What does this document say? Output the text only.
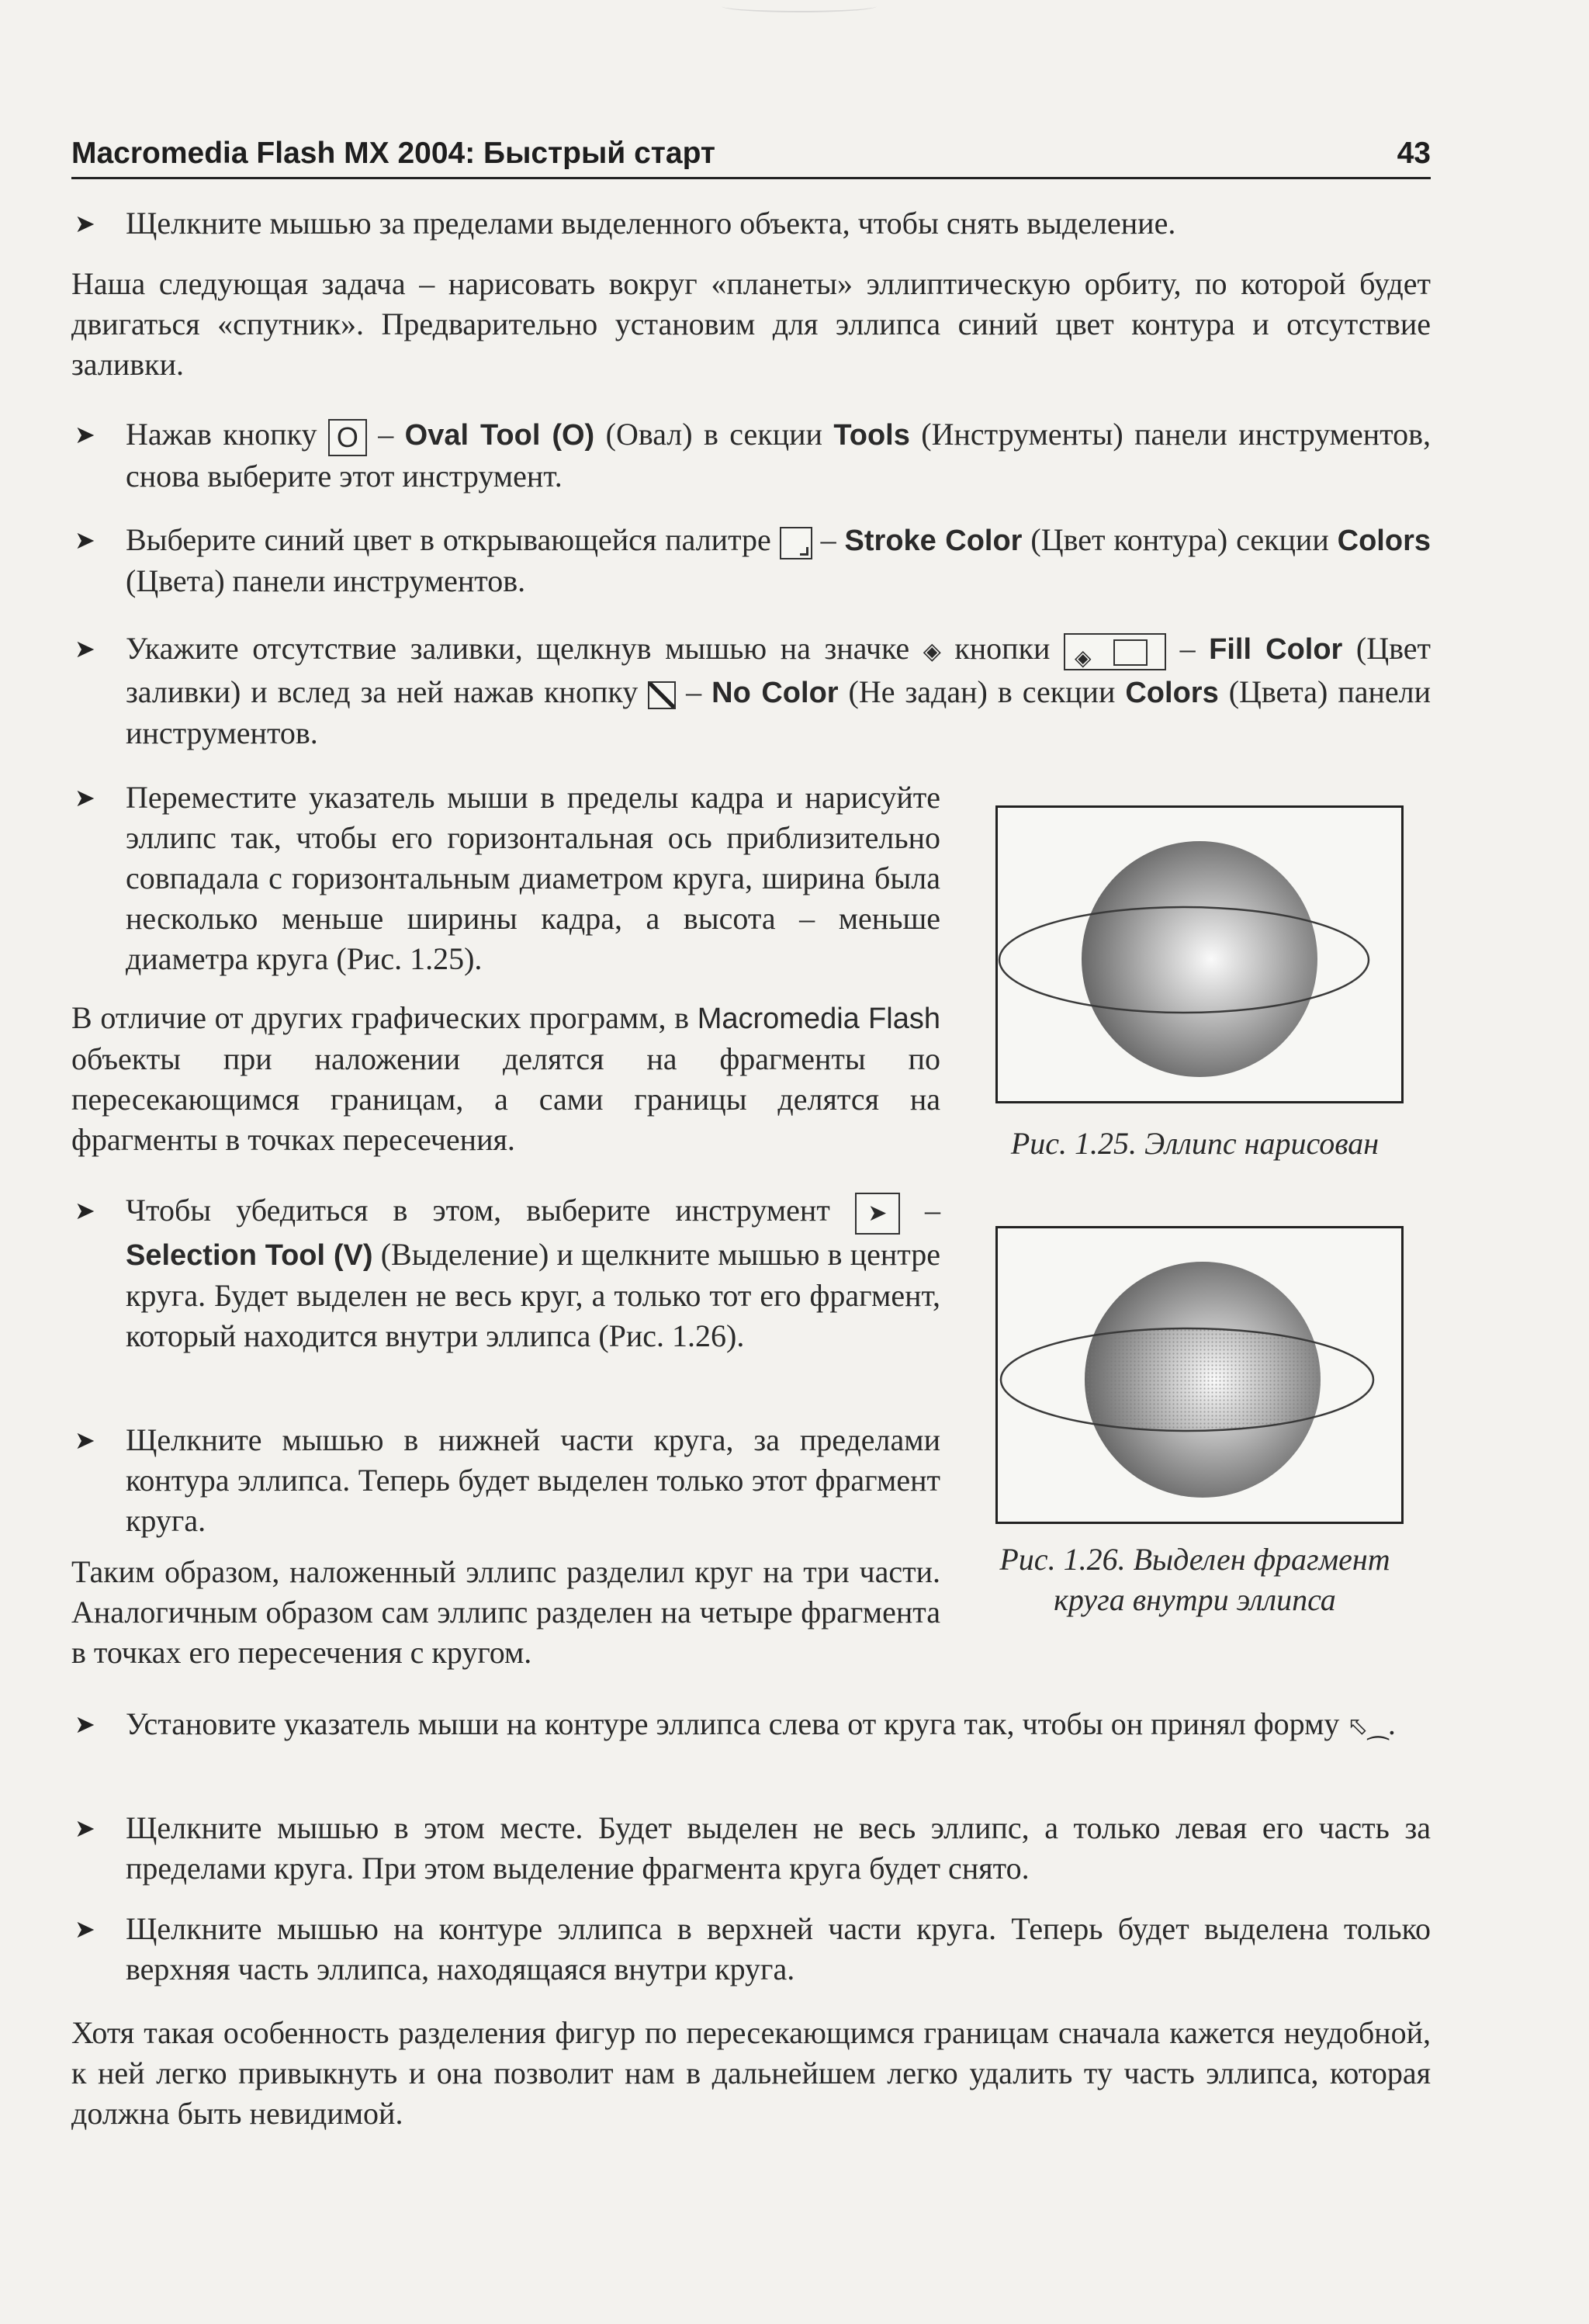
Macromedia Flash MX 2004: Быстрый старт	43
➤ Щелкните мышью за пределами выделенного объекта, чтобы снять выделение.

Наша следующая задача – нарисовать вокруг «планеты» эллиптическую орбиту, по которой будет двигаться «спутник». Предварительно установим для эллипса синий цвет контура и отсутствие заливки.

➤ Нажав кнопку O – Oval Tool (O) (Овал) в секции Tools (Инструменты) панели инструментов, снова выберите этот инструмент.
➤ Выберите синий цвет в открывающейся палитре
– Stroke Color (Цвет контура) секции Colors (Цвета) панели инструментов.
➤ Укажите отсутствие заливки, щелкнув мышью на значке ◈ кнопки ◈ – Fill Color (Цвет заливки) и вслед за ней нажав кнопку  – No Color (Не задан) в секции Colors (Цвета) панели инструментов.
➤ Переместите указатель мыши в пределы кадра и нарисуйте эллипс так, чтобы его горизонтальная ось приблизительно совпадала с горизонтальным диаметром круга, ширина была несколько меньше ширины кадра, а высота – меньше диаметра круга (Рис. 1.25).

В отличие от других графических программ, в Macromedia Flash объекты при наложении делятся на фрагменты по пересекающимся границам, а сами границы делятся на фрагменты в точках пересечения.	Рис. 1.25. Эллипс нарисован
➤ Чтобы убедиться в этом, выберите инструмент ➤ – Selection Tool (V) (Выделение) и щелкните мышью в центре круга. Будет выделен не весь круг, а только тот его фрагмент, который находится внутри эллипса (Рис. 1.26).
➤ Щелкните мышью в нижней части круга, за пределами контура эллипса. Теперь будет выделен только этот фрагмент круга.
Рис. 1.26. Выделен фрагмент
круга внутри эллипса

Таким образом, наложенный эллипс разделил круг на три части. Аналогичным образом сам эллипс разделен на четыре фрагмента в точках его пересечения с кругом.

➤ Установите указатель мыши на контуре эллипса слева от круга так, чтобы он принял форму ⬁⁔.
➤ Щелкните мышью в этом месте. Будет выделен не весь эллипс, а только левая его часть за пределами круга. При этом выделение фрагмента круга будет снято.
➤ Щелкните мышью на контуре эллипса в верхней части круга. Теперь будет выделена только верхняя часть эллипса, находящаяся внутри круга.

Хотя такая особенность разделения фигур по пересекающимся границам сначала кажется неудобной, к ней легко привыкнуть и она позволит нам в дальнейшем легко удалить ту часть эллипса, которая должна быть невидимой.
